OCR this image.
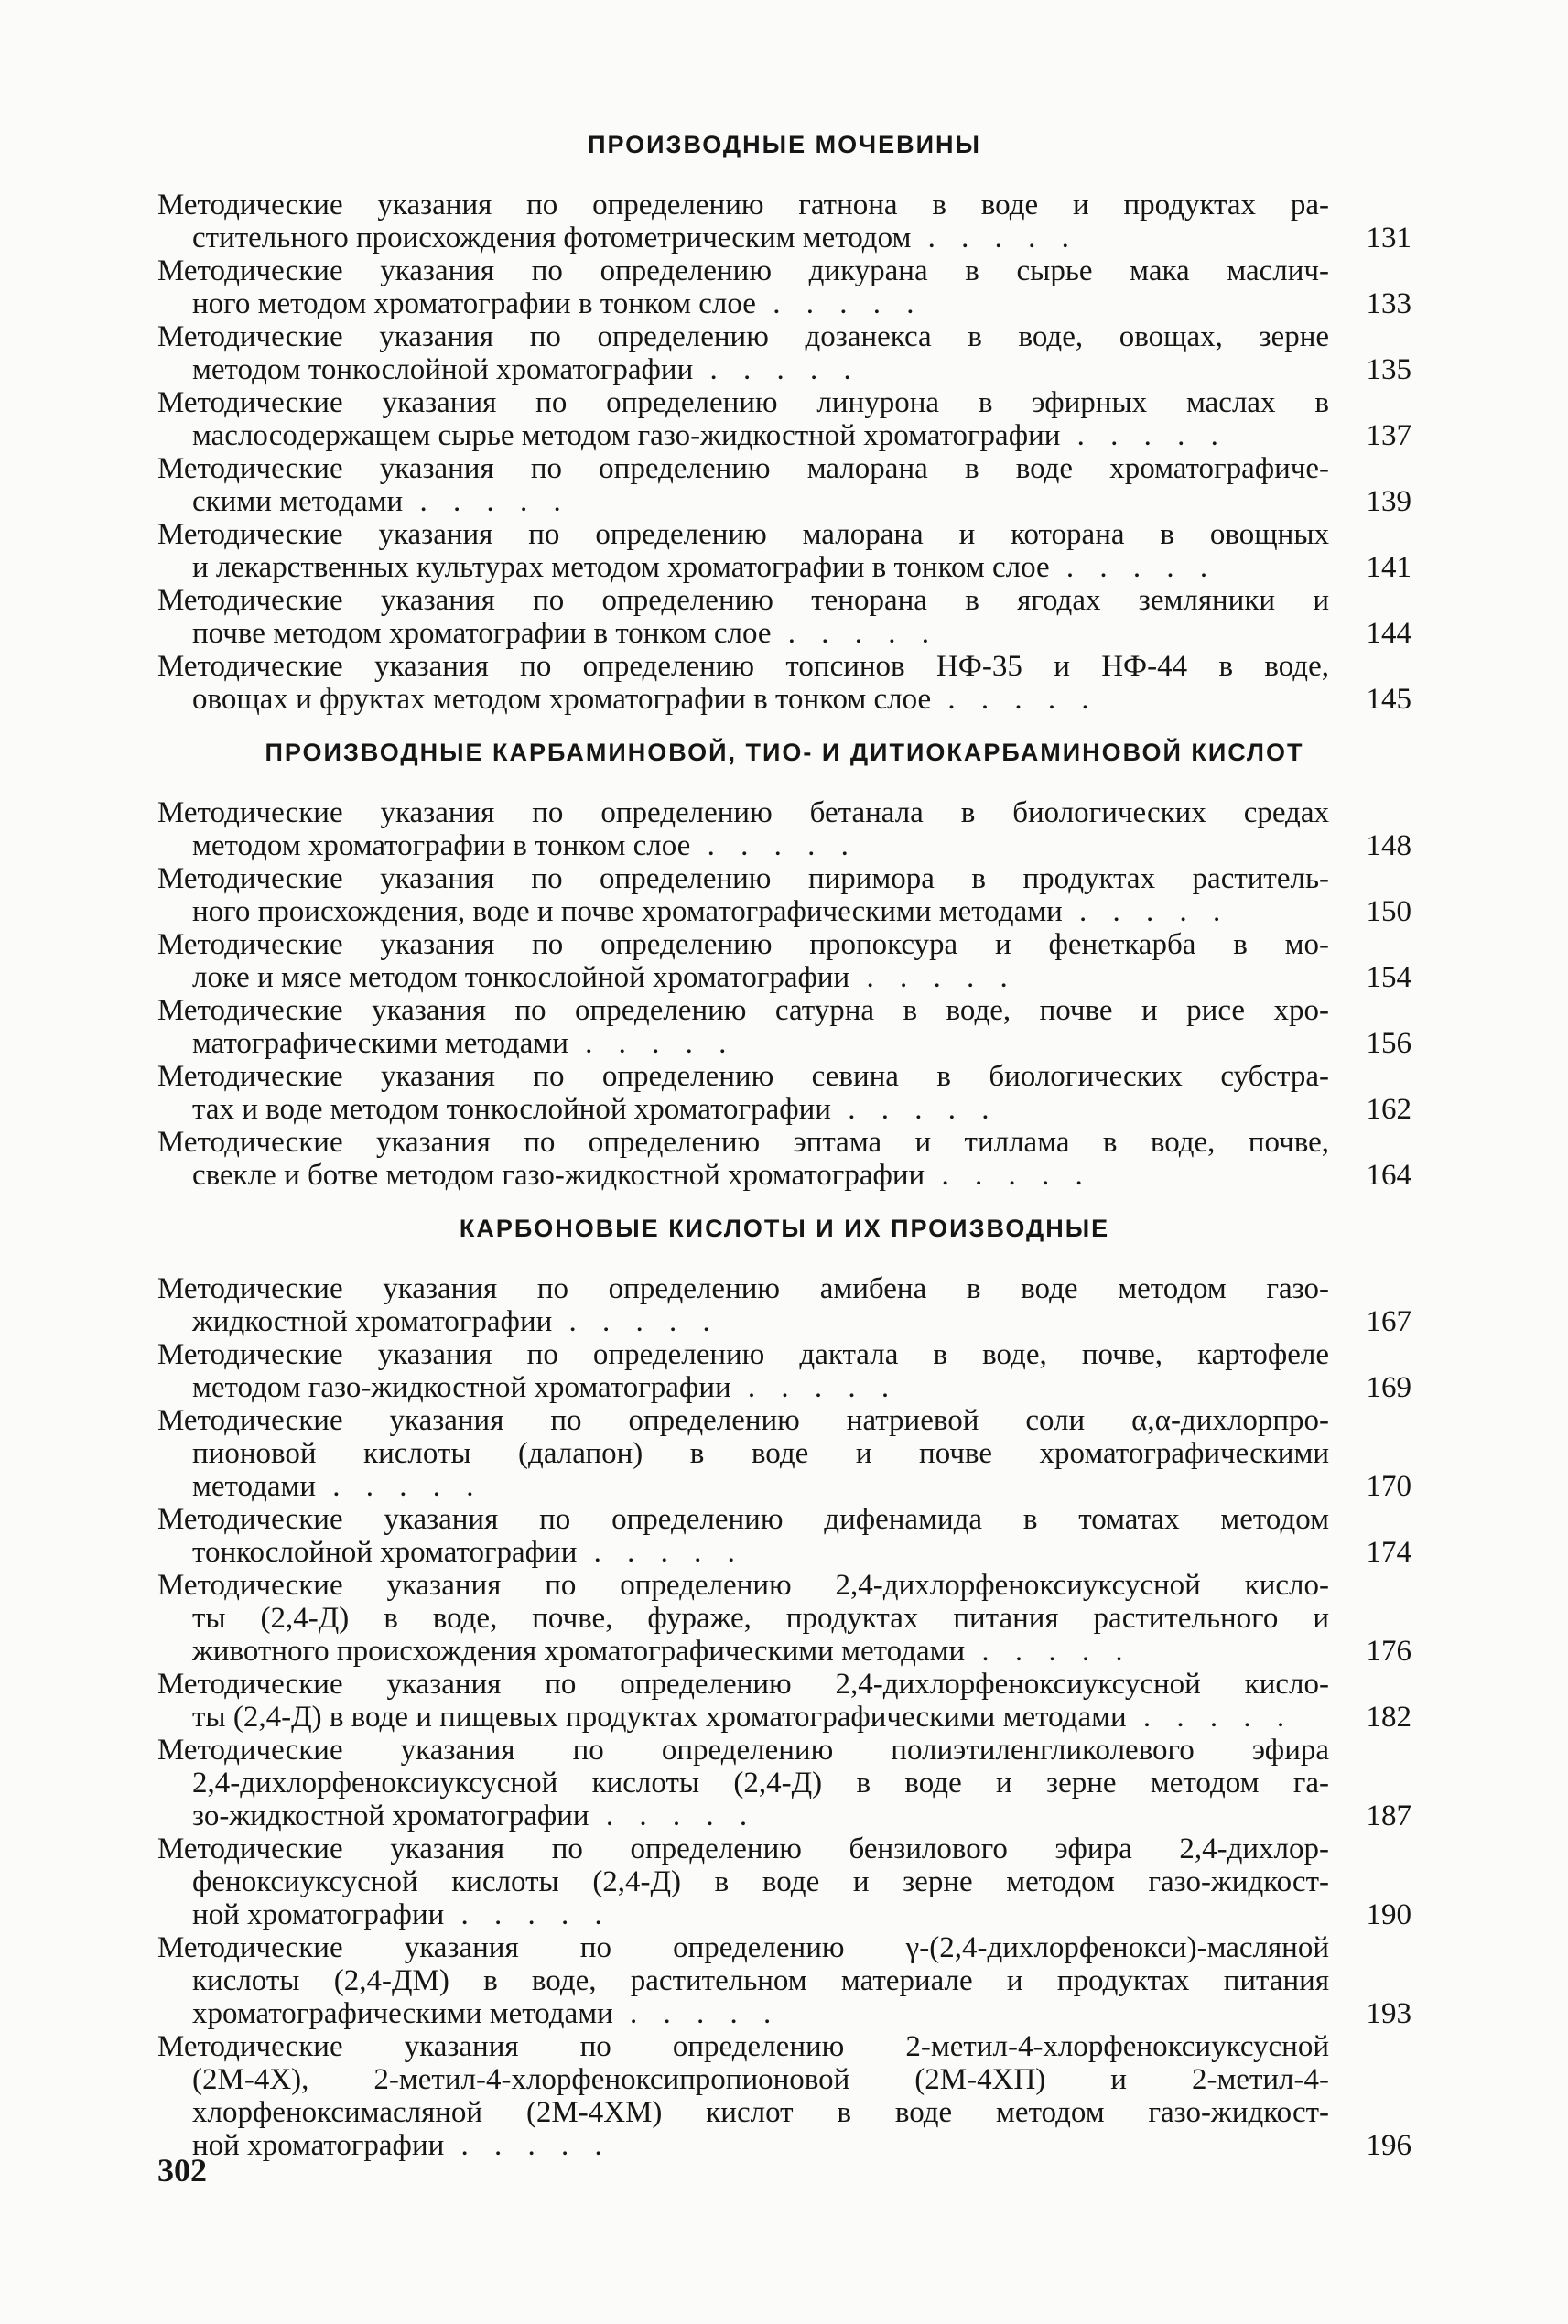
ПРОИЗВОДНЫЕ МОЧЕВИНЫ
Методические указания по определению гатнона в воде и продуктах ра-
стительного происхождения фотометрическим методом . . . . .	131
Методические указания по определению дикурана в сырье мака маслич-
ного методом хроматографии в тонком слое . . . . .	133
Методические указания по определению дозанекса в воде, овощах, зерне
методом тонкослойной хроматографии . . . . .	135
Методические указания по определению линурона в эфирных маслах в
маслосодержащем сырье методом газо-жидкостной хроматографии . . . . .	137
Методические указания по определению малорана в воде хроматографиче-
скими методами . . . . .	139
Методические указания по определению малорана и которана в овощных
и лекарственных культурах методом хроматографии в тонком слое . . . . .	141
Методические указания по определению тенорана в ягодах земляники и
почве методом хроматографии в тонком слое . . . . .	144
Методические указания по определению топсинов НФ-35 и НФ-44 в воде,
овощах и фруктах методом хроматографии в тонком слое . . . . .	145
ПРОИЗВОДНЫЕ КАРБАМИНОВОЙ, ТИО- И ДИТИОКАРБАМИНОВОЙ КИСЛОТ
Методические указания по определению бетанала в биологических средах
методом хроматографии в тонком слое . . . . .	148
Методические указания по определению пиримора в продуктах раститель-
ного происхождения, воде и почве хроматографическими методами . . . . .	150
Методические указания по определению пропоксура и фенеткарба в мо-
локе и мясе методом тонкослойной хроматографии . . . . .	154
Методические указания по определению сатурна в воде, почве и рисе хро-
матографическими методами . . . . .	156
Методические указания по определению севина в биологических субстра-
тах и воде методом тонкослойной хроматографии . . . . .	162
Методические указания по определению эптама и тиллама в воде, почве,
свекле и ботве методом газо-жидкостной хроматографии . . . . .	164
КАРБОНОВЫЕ КИСЛОТЫ И ИХ ПРОИЗВОДНЫЕ
Методические указания по определению амибена в воде методом газо-
жидкостной хроматографии . . . . .	167
Методические указания по определению дактала в воде, почве, картофеле
методом газо-жидкостной хроматографии . . . . .	169
Методические указания по определению натриевой соли α,α-дихлорпро-
пионовой кислоты (далапон) в воде и почве хроматографическими
методами . . . . .	170
Методические указания по определению дифенамида в томатах методом
тонкослойной хроматографии . . . . .	174
Методические указания по определению 2,4-дихлорфеноксиуксусной кисло-
ты (2,4-Д) в воде, почве, фураже, продуктах питания растительного и
животного происхождения хроматографическими методами . . . . .	176
Методические указания по определению 2,4-дихлорфеноксиуксусной кисло-
ты (2,4-Д) в воде и пищевых продуктах хроматографическими методами . . . . .	182
Методические указания по определению полиэтиленгликолевого эфира
2,4-дихлорфеноксиуксусной кислоты (2,4-Д) в воде и зерне методом га-
зо-жидкостной хроматографии . . . . .	187
Методические указания по определению бензилового эфира 2,4-дихлор-
феноксиуксусной кислоты (2,4-Д) в воде и зерне методом газо-жидкост-
ной хроматографии . . . . .	190
Методические указания по определению γ-(2,4-дихлорфенокси)-масляной
кислоты (2,4-ДМ) в воде, растительном материале и продуктах питания
хроматографическими методами . . . . .	193
Методические указания по определению 2-метил-4-хлорфеноксиуксусной
(2М-4Х), 2-метил-4-хлорфеноксипропионовой (2М-4ХП) и 2-метил-4-
хлорфеноксимасляной (2М-4ХМ) кислот в воде методом газо-жидкост-
ной хроматографии . . . . .	196
302
